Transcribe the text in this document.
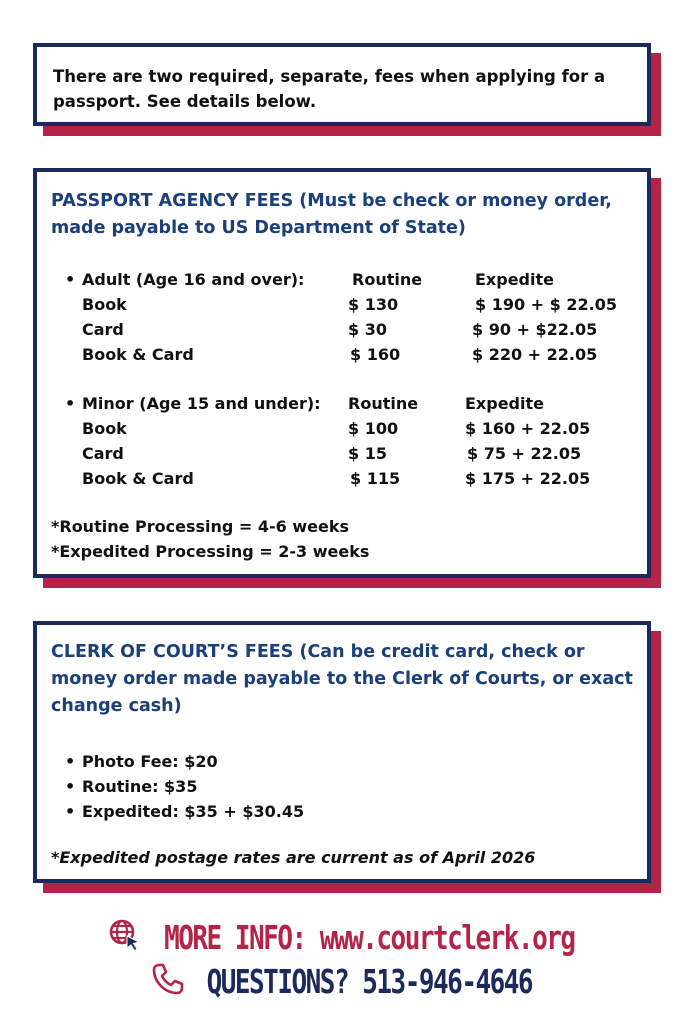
There are two required, separate, fees when applying for a passport. See details below.

PASSPORT AGENCY FEES (Must be check or money order, made payable to US Department of State)

• Adult (Age 16 and over):	Routine	Expedite
Book	$ 130	$ 190 + $ 22.05
Card	$ 30	$ 90 + $22.05
Book & Card	$ 160	$ 220 + 22.05
• Minor (Age 15 and under): Routine	Expedite
Book	$ 100	$ 160 + 22.05
Card	$ 15	$ 75 + 22.05
Book & Card	$ 115	$ 175 + 22.05

*Routine Processing = 4-6 weeks

*Expedited Processing = 2-3 weeks

CLERK OF COURT’S FEES (Can be credit card, check or money order made payable to the Clerk of Courts, or exact change cash)

• Photo Fee: $20
• Routine: $35
• Expedited: $35 + $30.45

*Expedited postage rates are current as of April 2026

MORE INFO: www.courtclerk.org
QUESTIONS? 513-946-4646
